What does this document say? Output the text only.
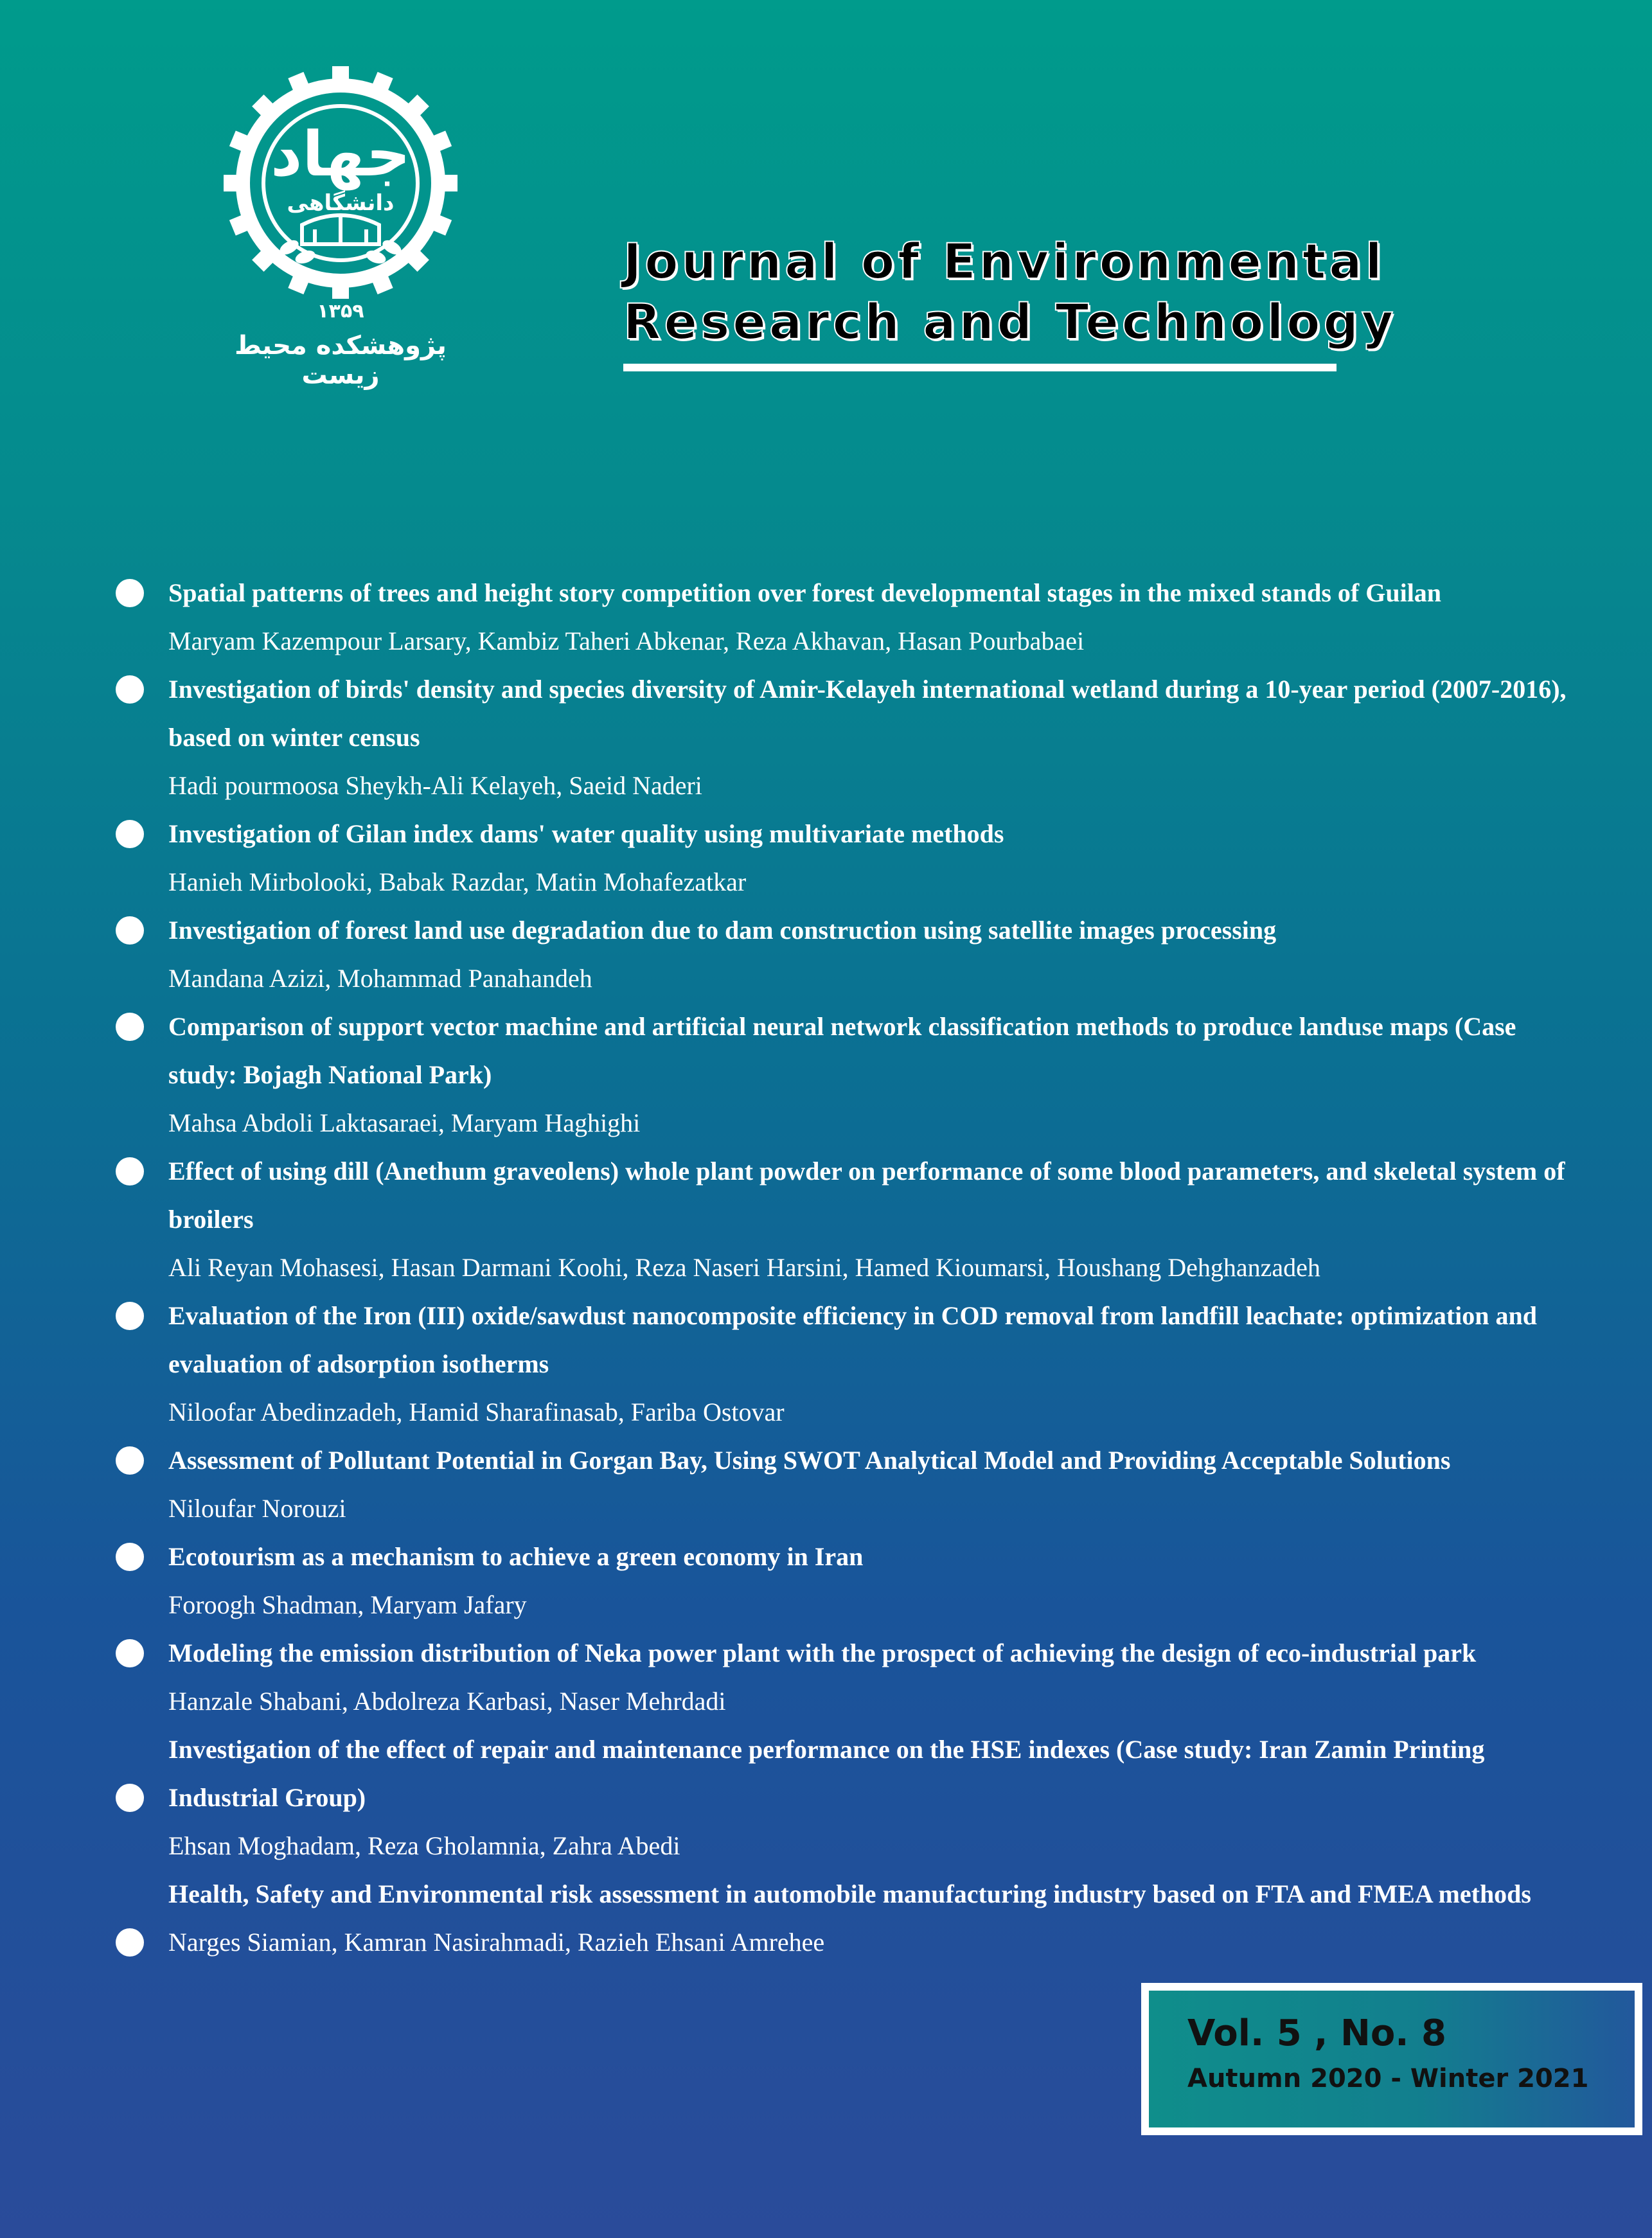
جهاد
دانشگاهی
۱۳۵۹
پژوهشکده محیط زیست
Journal of Environmental
Research and Technology
Spatial patterns of trees and height story competition over forest developmental stages in the mixed stands of Guilan
Maryam Kazempour Larsary, Kambiz Taheri Abkenar, Reza Akhavan, Hasan Pourbabaei
Investigation of birds' density and species diversity of Amir-Kelayeh international wetland during a 10-year period (2007-2016), based on winter census
Hadi pourmoosa Sheykh-Ali Kelayeh, Saeid Naderi
Investigation of Gilan index dams' water quality using multivariate methods
Hanieh Mirbolooki, Babak Razdar, Matin Mohafezatkar
Investigation of forest land use degradation due to dam construction using satellite images processing
Mandana Azizi, Mohammad Panahandeh
Comparison of support vector machine and artificial neural network classification methods to produce landuse maps (Case study: Bojagh National Park)
Mahsa Abdoli Laktasaraei, Maryam Haghighi
Effect of using dill (Anethum graveolens) whole plant powder on performance of some blood parameters, and skeletal system of broilers
Ali Reyan Mohasesi, Hasan Darmani Koohi, Reza Naseri Harsini, Hamed Kioumarsi, Houshang Dehghanzadeh
Evaluation of the Iron (III) oxide/sawdust nanocomposite efficiency in COD removal from landfill leachate: optimization and evaluation of adsorption isotherms
Niloofar Abedinzadeh, Hamid Sharafinasab, Fariba Ostovar
Assessment of Pollutant Potential in Gorgan Bay, Using SWOT Analytical Model and Providing Acceptable Solutions
Niloufar Norouzi
Ecotourism as a mechanism to achieve a green economy in Iran
Foroogh Shadman, Maryam Jafary
Modeling the emission distribution of Neka power plant with the prospect of achieving the design of eco-industrial park
Hanzale Shabani, Abdolreza Karbasi, Naser Mehrdadi
Investigation of the effect of repair and maintenance performance on the HSE indexes (Case study: Iran Zamin Printing Industrial Group)
Ehsan Moghadam, Reza Gholamnia, Zahra Abedi
Health, Safety and Environmental risk assessment in automobile manufacturing industry based on FTA and FMEA methods
Narges Siamian, Kamran Nasirahmadi, Razieh Ehsani Amrehee
Vol. 5 , No. 8
Autumn 2020 - Winter 2021
